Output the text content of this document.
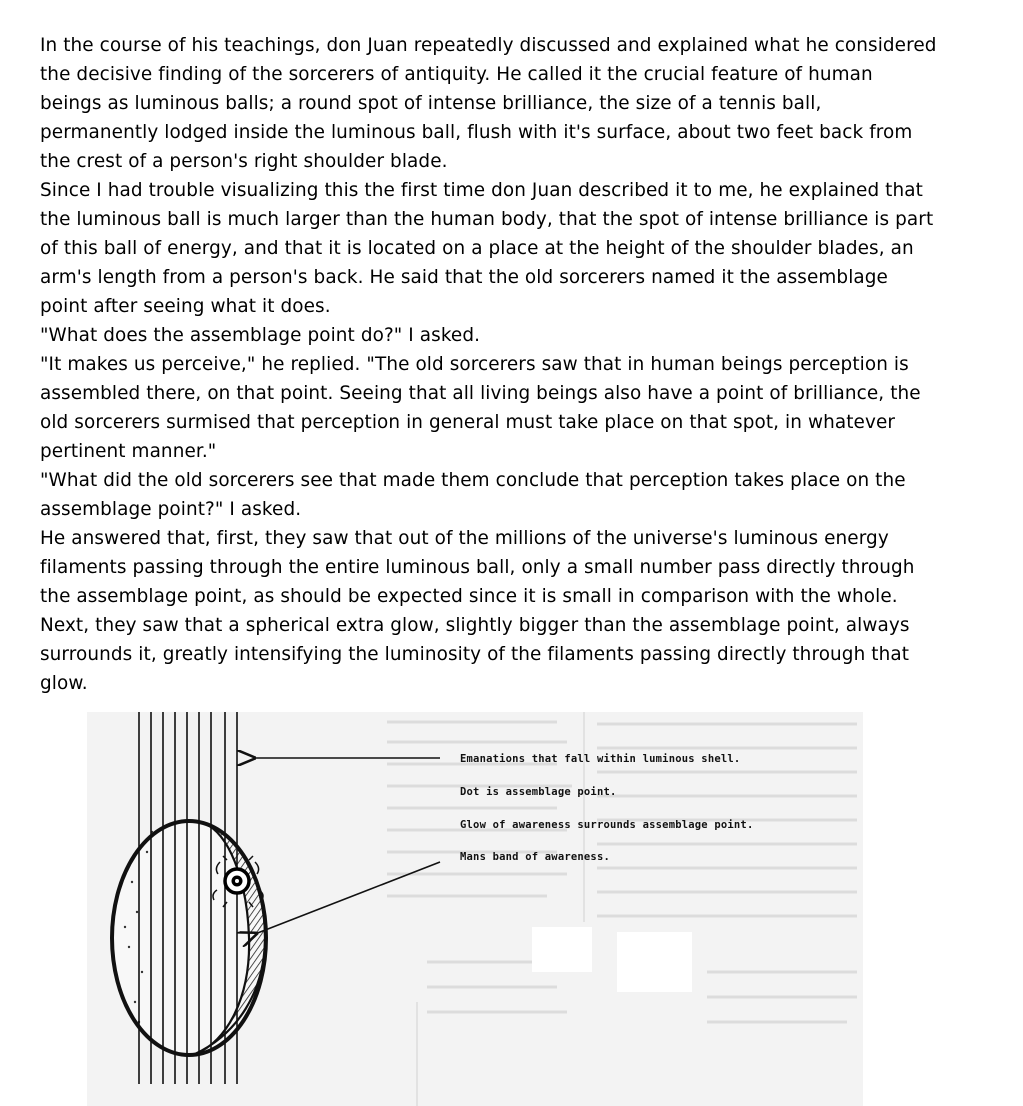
In the course of his teachings, don Juan repeatedly discussed and explained what he considered
the decisive finding of the sorcerers of antiquity. He called it the crucial feature of human
beings as luminous balls; a round spot of intense brilliance, the size of a tennis ball,
permanently lodged inside the luminous ball, flush with it's surface, about two feet back from
the crest of a person's right shoulder blade.

Since I had trouble visualizing this the first time don Juan described it to me, he explained that
the luminous ball is much larger than the human body, that the spot of intense brilliance is part
of this ball of energy, and that it is located on a place at the height of the shoulder blades, an
arm's length from a person's back. He said that the old sorcerers named it the assemblage
point after seeing what it does.

"What does the assemblage point do?" I asked.

"It makes us perceive," he replied. "The old sorcerers saw that in human beings perception is
assembled there, on that point. Seeing that all living beings also have a point of brilliance, the
old sorcerers surmised that perception in general must take place on that spot, in whatever
pertinent manner."

"What did the old sorcerers see that made them conclude that perception takes place on the
assemblage point?" I asked.

He answered that, first, they saw that out of the millions of the universe's luminous energy
filaments passing through the entire luminous ball, only a small number pass directly through
the assemblage point, as should be expected since it is small in comparison with the whole.
Next, they saw that a spherical extra glow, slightly bigger than the assemblage point, always
surrounds it, greatly intensifying the luminosity of the filaments passing directly through that
glow.

Emanations that fall within luminous shell.
Dot is assemblage point.
Glow of awareness surrounds assemblage point.
Mans band of awareness.
